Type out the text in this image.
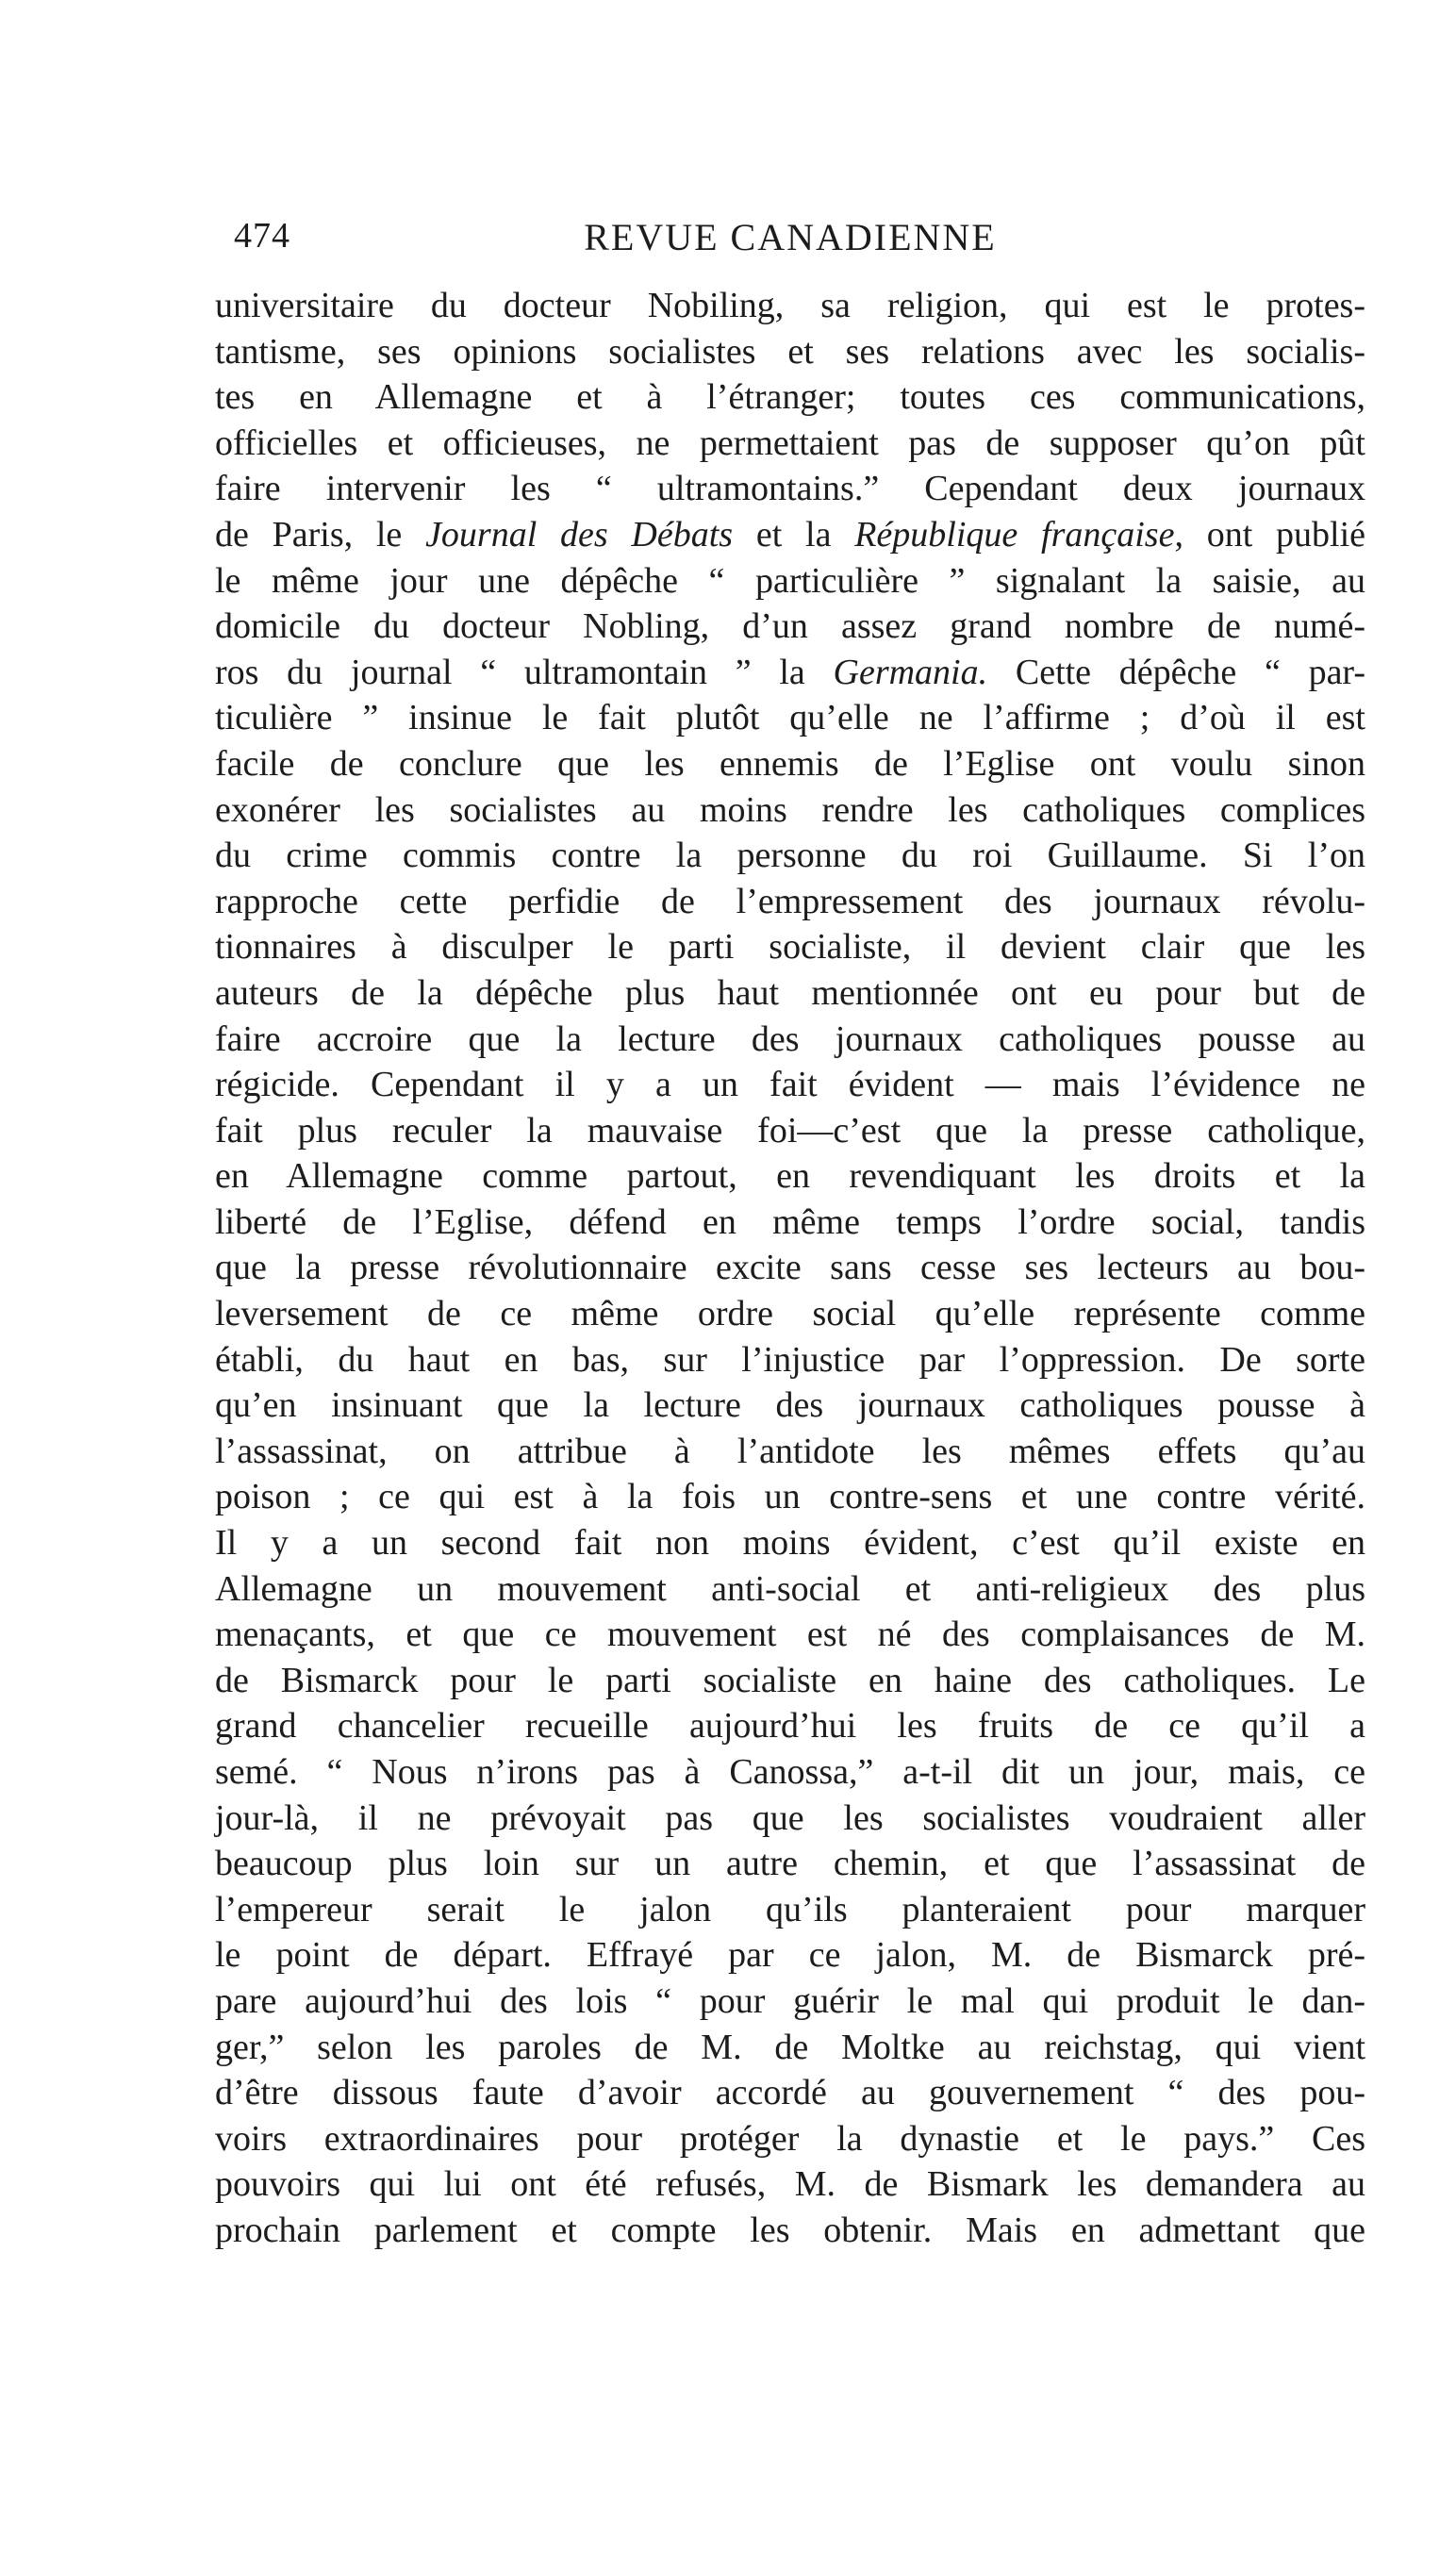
474	REVUE CANADIENNE
universitaire du docteur Nobiling, sa religion, qui est le protes-
tantisme, ses opinions socialistes et ses relations avec les socialis-
tes en Allemagne et à l’étranger; toutes ces communications,
officielles et officieuses, ne permettaient pas de supposer qu’on pût
faire intervenir les “ ultramontains.” Cependant deux journaux
de Paris, le Journal des Débats et la République française, ont publié
le même jour une dépêche “ particulière ” signalant la saisie, au
domicile du docteur Nobling, d’un assez grand nombre de numé-
ros du journal “ ultramontain ” la Germania. Cette dépêche “ par-
ticulière ” insinue le fait plutôt qu’elle ne l’affirme ; d’où il est
facile de conclure que les ennemis de l’Eglise ont voulu sinon
exonérer les socialistes au moins rendre les catholiques complices
du crime commis contre la personne du roi Guillaume. Si l’on
rapproche cette perfidie de l’empressement des journaux révolu-
tionnaires à disculper le parti socialiste, il devient clair que les
auteurs de la dépêche plus haut mentionnée ont eu pour but de
faire accroire que la lecture des journaux catholiques pousse au
régicide. Cependant il y a un fait évident — mais l’évidence ne
fait plus reculer la mauvaise foi—c’est que la presse catholique,
en Allemagne comme partout, en revendiquant les droits et la
liberté de l’Eglise, défend en même temps l’ordre social, tandis
que la presse révolutionnaire excite sans cesse ses lecteurs au bou-
leversement de ce même ordre social qu’elle représente comme
établi, du haut en bas, sur l’injustice par l’oppression. De sorte
qu’en insinuant que la lecture des journaux catholiques pousse à
l’assassinat, on attribue à l’antidote les mêmes effets qu’au
poison ; ce qui est à la fois un contre-sens et une contre vérité.
Il y a un second fait non moins évident, c’est qu’il existe en
Allemagne un mouvement anti-social et anti-religieux des plus
menaçants, et que ce mouvement est né des complaisances de M.
de Bismarck pour le parti socialiste en haine des catholiques. Le
grand chancelier recueille aujourd’hui les fruits de ce qu’il a
semé. “ Nous n’irons pas à Canossa,” a-t-il dit un jour, mais, ce
jour-là, il ne prévoyait pas que les socialistes voudraient aller
beaucoup plus loin sur un autre chemin, et que l’assassinat de
l’empereur serait le jalon qu’ils planteraient pour marquer
le point de départ. Effrayé par ce jalon, M. de Bismarck pré-
pare aujourd’hui des lois “ pour guérir le mal qui produit le dan-
ger,” selon les paroles de M. de Moltke au reichstag, qui vient
d’être dissous faute d’avoir accordé au gouvernement “ des pou-
voirs extraordinaires pour protéger la dynastie et le pays.” Ces
pouvoirs qui lui ont été refusés, M. de Bismark les demandera au
prochain parlement et compte les obtenir. Mais en admettant que
